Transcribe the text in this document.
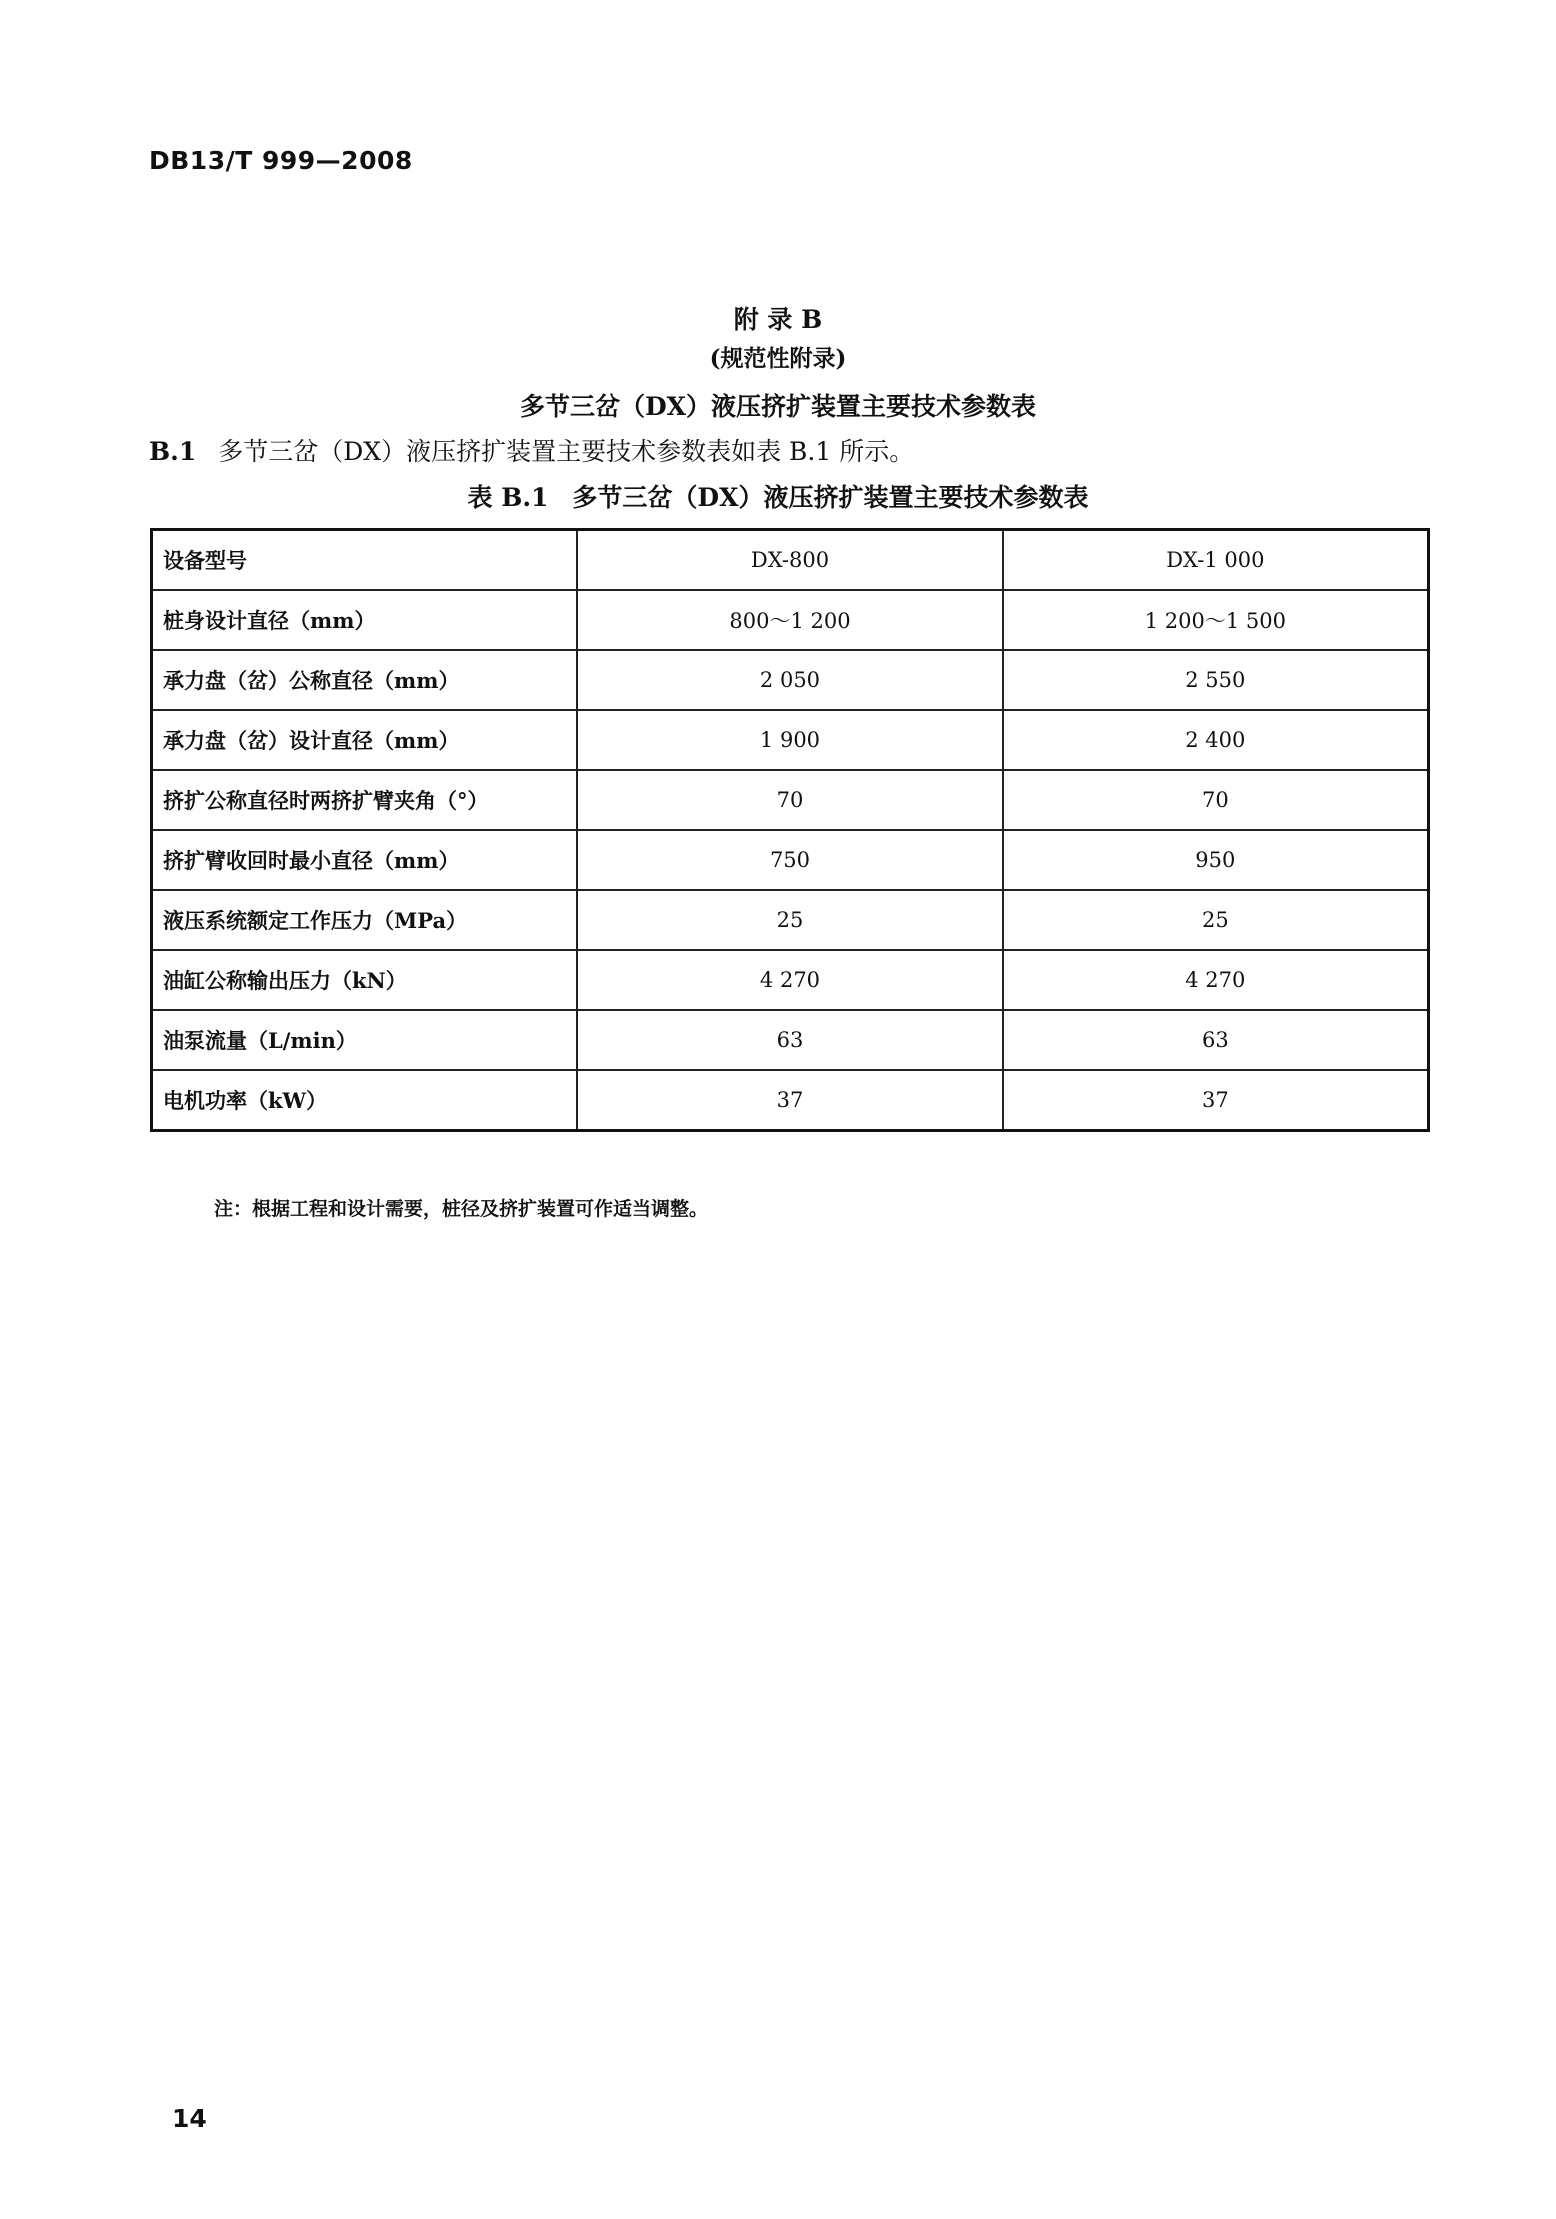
DB13/T 999—2008
附 录 B
(规范性附录)
多节三岔（DX）液压挤扩装置主要技术参数表
B.1 多节三岔（DX）液压挤扩装置主要技术参数表如表 B.1 所示。
表 B.1 多节三岔（DX）液压挤扩装置主要技术参数表
设备型号	DX-800	DX-1 000
桩身设计直径（mm）	800～1 200	1 200～1 500
承力盘（岔）公称直径（mm）	2 050	2 550
承力盘（岔）设计直径（mm）	1 900	2 400
挤扩公称直径时两挤扩臂夹角（°）	70	70
挤扩臂收回时最小直径（mm）	750	950
液压系统额定工作压力（MPa）	25	25
油缸公称输出压力（kN）	4 270	4 270
油泵流量（L/min）	63	63
电机功率（kW）	37	37
注：根据工程和设计需要，桩径及挤扩装置可作适当调整。
14
